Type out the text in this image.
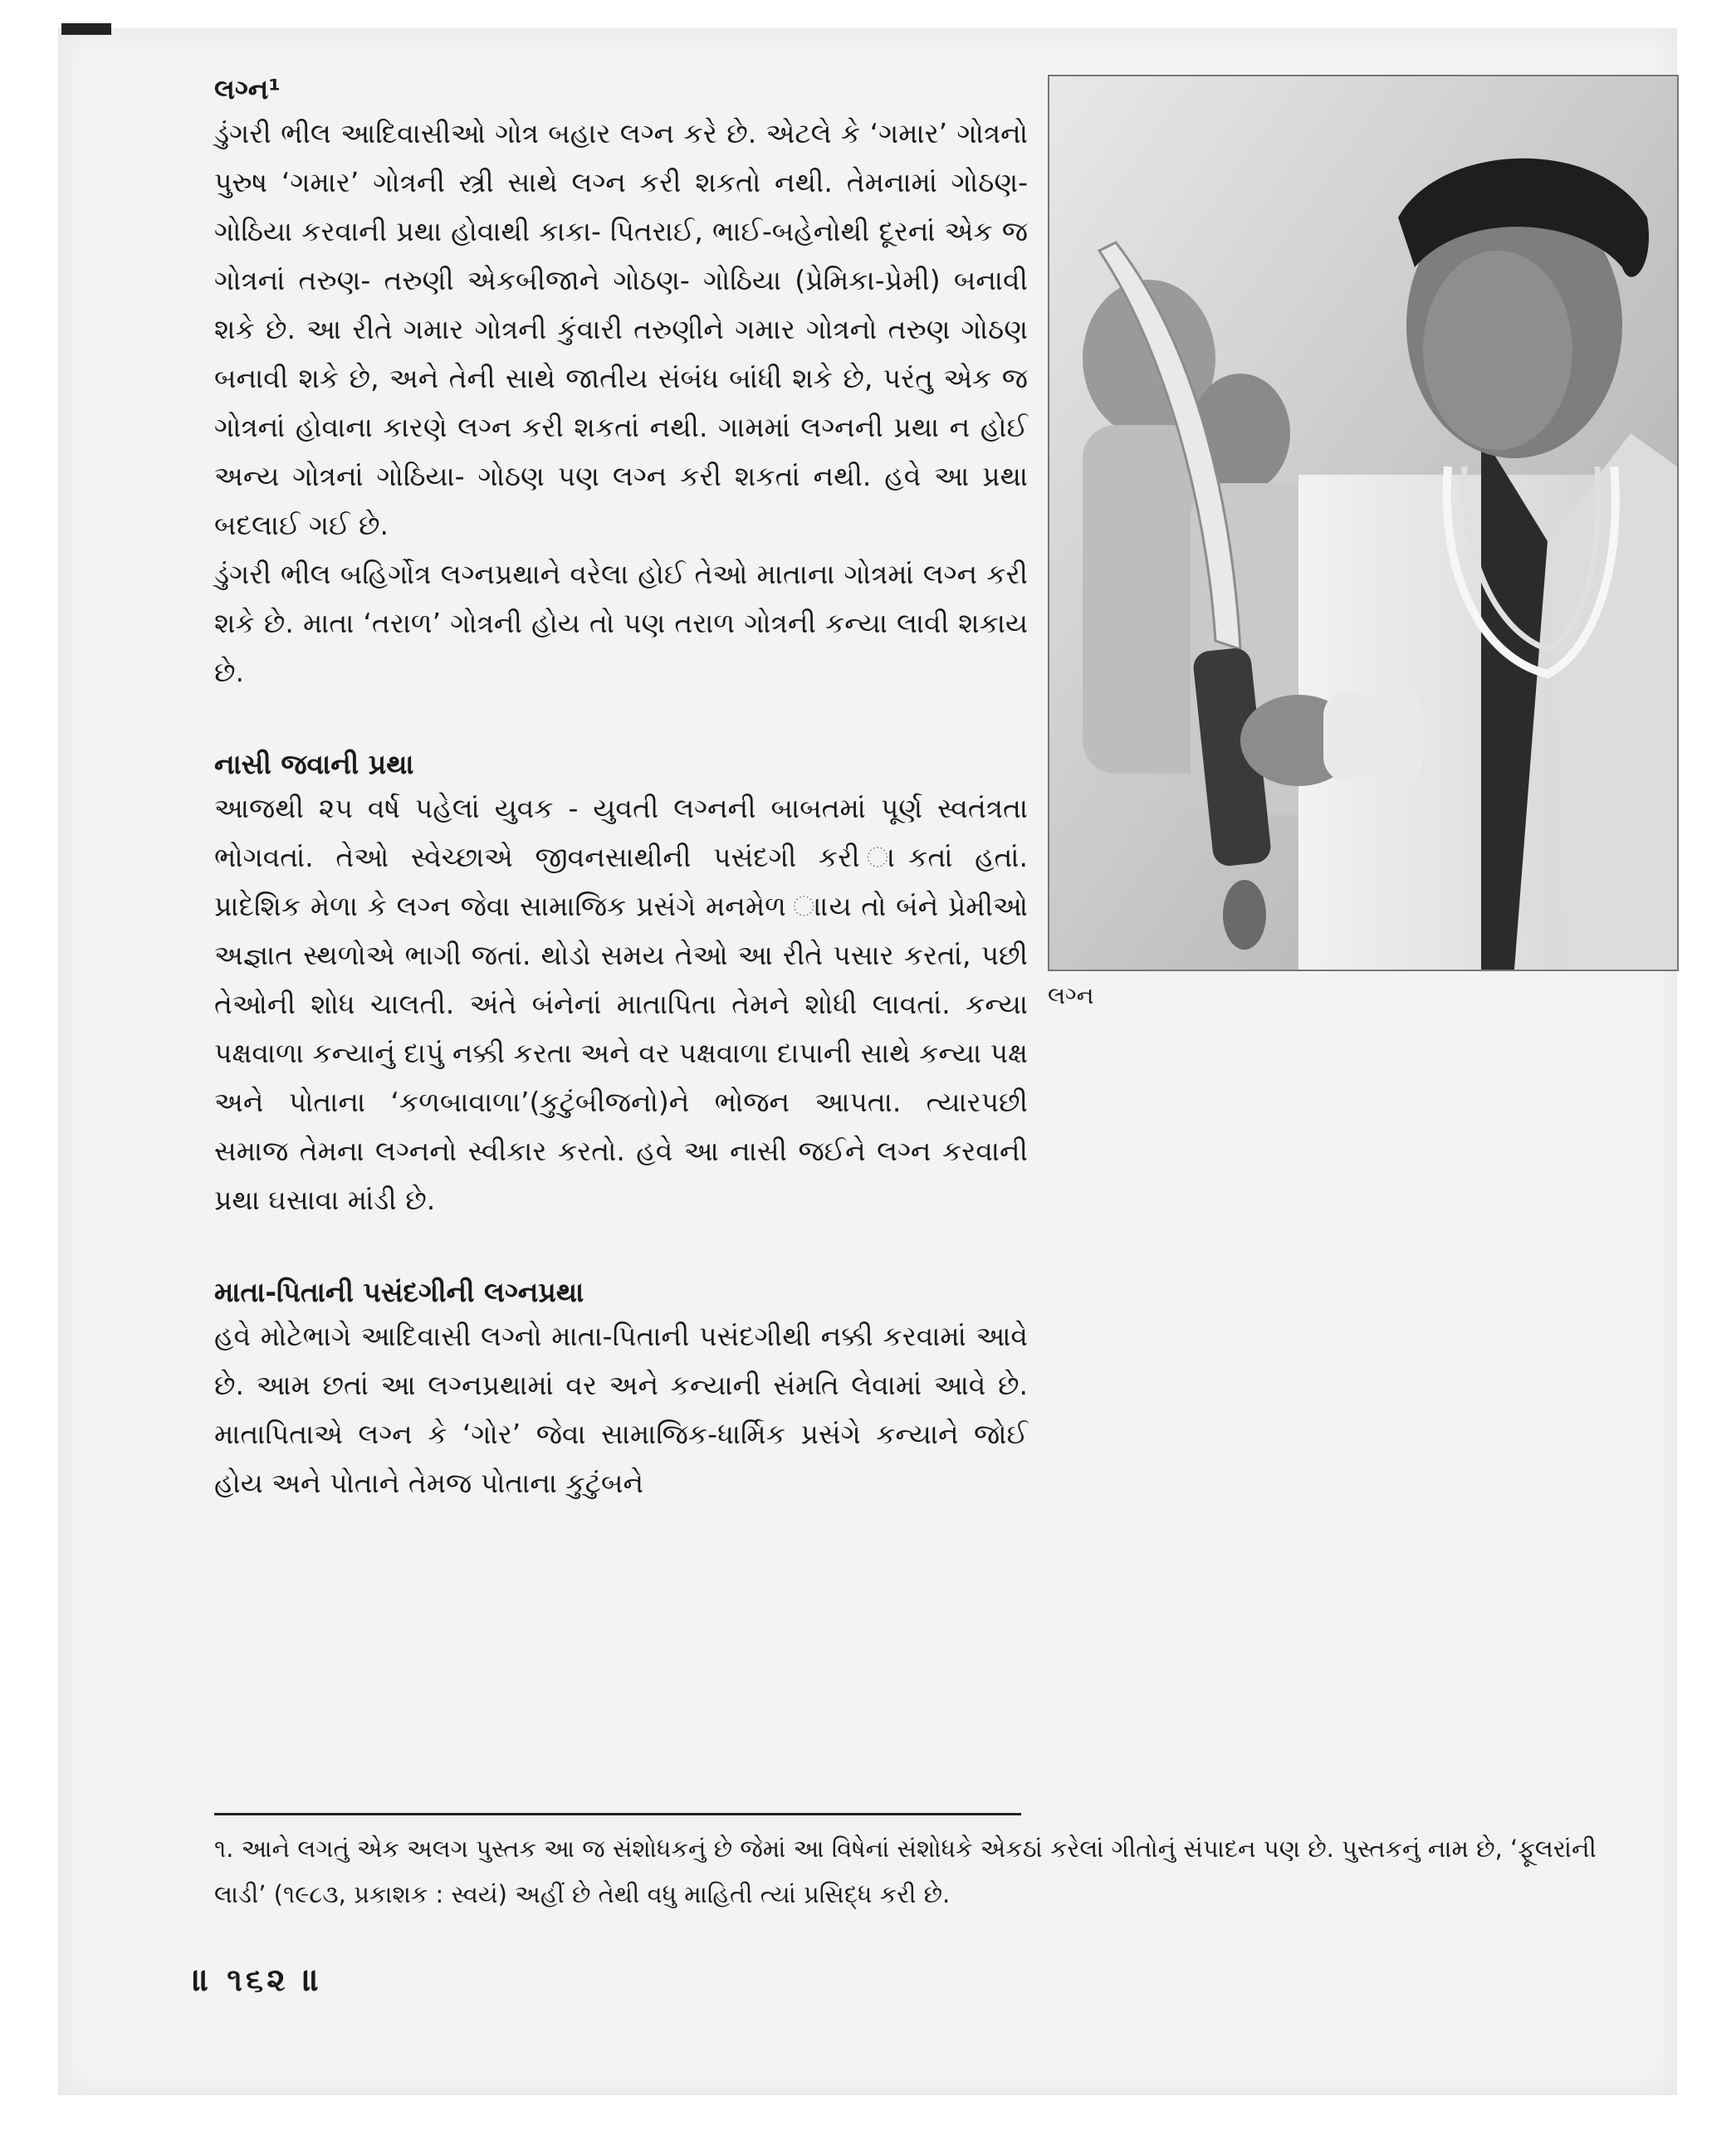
લગ્ન¹

ડુંગરી ભીલ આદિવાસીઓ ગોત્ર બહાર લગ્ન કરે છે. એટલે કે ‘ગમાર’ ગોત્રનો પુરુષ ‘ગમાર’ ગોત્રની સ્ત્રી સાથે લગ્ન કરી શકતો નથી. તેમનામાં ગોઠણ- ગોઠિયા કરવાની પ્રથા હોવાથી કાકા- પિતરાઈ, ભાઈ-બહેનોથી દૂરનાં એક જ ગોત્રનાં તરુણ- તરુણી એકબીજાને ગોઠણ- ગોઠિયા (પ્રેમિકા-પ્રેમી) બનાવી શકે છે. આ રીતે ગમાર ગોત્રની કુંવારી તરુણીને ગમાર ગોત્રનો તરુણ ગોઠણ બનાવી શકે છે, અને તેની સાથે જાતીય સંબંધ બાંધી શકે છે, પરંતુ એક જ ગોત્રનાં હોવાના કારણે લગ્ન કરી શકતાં નથી. ગામમાં લગ્નની પ્રથા ન હોઈ અન્ય ગોત્રનાં ગોઠિયા- ગોઠણ પણ લગ્ન કરી શકતાં નથી. હવે આ પ્રથા બદલાઈ ગઈ છે.

ડુંગરી ભીલ બહિર્ગોત્ર લગ્નપ્રથાને વરેલા હોઈ તેઓ માતાના ગોત્રમાં લગ્ન કરી શકે છે. માતા ‘તરાળ’ ગોત્રની હોય તો પણ તરાળ ગોત્રની કન્યા લાવી શકાય છે.

નાસી જવાની પ્રથા

આજથી ૨૫ વર્ષ પહેલાં યુવક - યુવતી લગ્નની બાબતમાં પૂર્ણ સ્વતંત્રતા ભોગવતાં. તેઓ સ્વેચ્છાએ જીવનસાથીની પસંદગી કરી ાકતાં હતાં. પ્રાદેશિક મેળા કે લગ્ન જેવા સામાજિક પ્રસંગે મનમેળ ાાય તો બંને પ્રેમીઓ અજ્ઞાત સ્થળોએ ભાગી જતાં. થોડો સમય તેઓ આ રીતે પસાર કરતાં, પછી તેઓની શોધ ચાલતી. અંતે બંનેનાં માતાપિતા તેમને શોધી લાવતાં. કન્યા પક્ષવાળા કન્યાનું દાપું નક્કી કરતા અને વર પક્ષવાળા દાપાની સાથે કન્યા પક્ષ અને પોતાના ‘કળબાવાળા’(કુટુંબીજનો)ને ભોજન આપતા. ત્યારપછી સમાજ તેમના લગ્નનો સ્વીકાર કરતો. હવે આ નાસી જઈને લગ્ન કરવાની પ્રથા ઘસાવા માંડી છે.

માતા-પિતાની પસંદગીની લગ્નપ્રથા

હવે મોટેભાગે આદિવાસી લગ્નો માતા-પિતાની પસંદગીથી નક્કી કરવામાં આવે છે. આમ છતાં આ લગ્નપ્રથામાં વર અને કન્યાની સંમતિ લેવામાં આવે છે. માતાપિતાએ લગ્ન કે ‘ગોર’ જેવા સામાજિક-ધાર્મિક પ્રસંગે કન્યાને જોઈ હોય અને પોતાને તેમજ પોતાના કુટુંબને

લગ્ન

૧. આને લગતું એક અલગ પુસ્તક આ જ સંશોધકનું છે જેમાં આ વિષેનાં સંશોધકે એકઠાં કરેલાં ગીતોનું સંપાદન પણ છે. પુસ્તકનું નામ છે, ‘ફૂલરાંની લાડી’ (૧૯૮૩, પ્રકાશક : સ્વયં) અહીં છે તેથી વધુ માહિતી ત્યાં પ્રસિદ્ધ કરી છે.

॥ ૧૬૨ ॥
